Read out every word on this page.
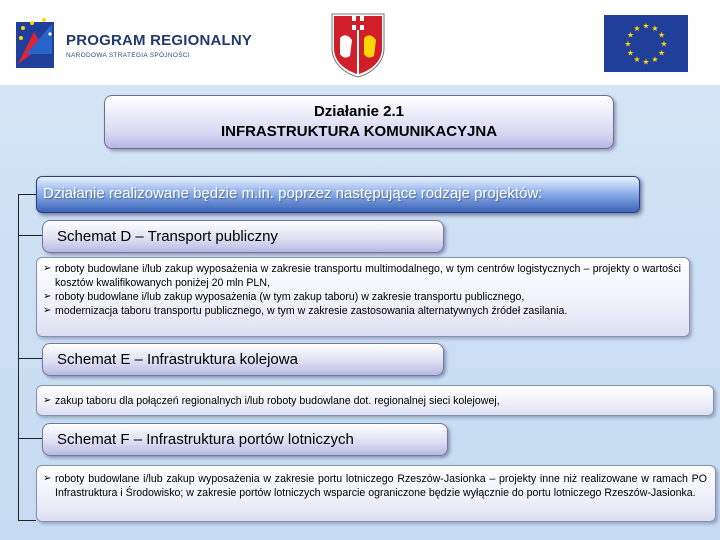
PROGRAM REGIONALNY
NARODOWA STRATEGIA SPÓJNOŚCI
★ ★
★
★
★
★
★
★
★
★
★
★
Działanie 2.1
INFRASTRUKTURA KOMUNIKACYJNA
Działanie realizowane będzie m.in. poprzez następujące rodzaje projektów:
Schemat D – Transport publiczny
➢ roboty budowlane i/lub zakup wyposażenia w zakresie transportu multimodalnego, w tym centrów logistycznych – projekty o wartości kosztów kwalifikowanych poniżej 20 mln PLN,
➢ roboty budowlane i/lub zakup wyposażenia (w tym zakup taboru) w zakresie transportu publicznego,
➢ modernizacja taboru transportu publicznego, w tym w zakresie zastosowania alternatywnych źródeł zasilania.
Schemat E – Infrastruktura kolejowa
➢ zakup taboru dla połączeń regionalnych i/lub roboty budowlane dot. regionalnej sieci kolejowej,
Schemat F – Infrastruktura portów lotniczych
➢ roboty budowlane i/lub zakup wyposażenia w zakresie portu lotniczego Rzeszów-Jasionka – projekty inne niż realizowane w ramach PO Infrastruktura i Środowisko; w zakresie portów lotniczych wsparcie ograniczone będzie wyłącznie do portu lotniczego Rzeszów-Jasionka.
